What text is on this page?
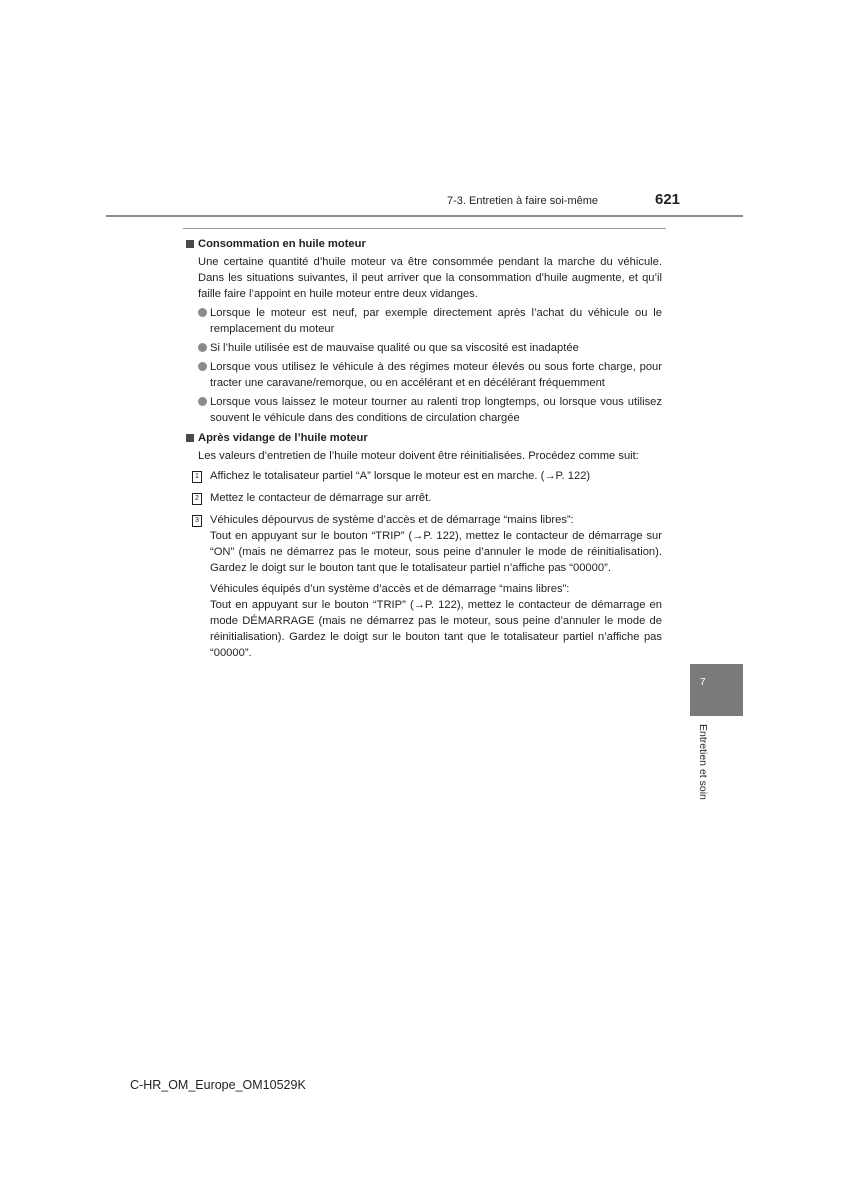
7-3. Entretien à faire soi-même	621
Consommation en huile moteur

Une certaine quantité d’huile moteur va être consommée pendant la marche du véhicule. Dans les situations suivantes, il peut arriver que la consommation d’huile augmente, et qu’il faille faire l’appoint en huile moteur entre deux vidanges.

Lorsque le moteur est neuf, par exemple directement après l’achat du véhicule ou le remplacement du moteur
Si l’huile utilisée est de mauvaise qualité ou que sa viscosité est inadaptée
Lorsque vous utilisez le véhicule à des régimes moteur élevés ou sous forte charge, pour tracter une caravane/remorque, ou en accélérant et en décélérant fréquemment
Lorsque vous laissez le moteur tourner au ralenti trop longtemps, ou lorsque vous utilisez souvent le véhicule dans des conditions de circulation chargée
Après vidange de l’huile moteur

Les valeurs d’entretien de l’huile moteur doivent être réinitialisées. Procédez comme suit:

1 Affichez le totalisateur partiel “A” lorsque le moteur est en marche. (→P. 122)
2 Mettez le contacteur de démarrage sur arrêt.
3 Véhicules dépourvus de système d’accès et de démarrage “mains libres”:

Tout en appuyant sur le bouton “TRIP” (→P. 122), mettez le contacteur de démarrage sur “ON” (mais ne démarrez pas le moteur, sous peine d’annuler le mode de réinitialisation). Gardez le doigt sur le bouton tant que le totalisateur partiel n’affiche pas “00000”.

Véhicules équipés d’un système d’accès et de démarrage “mains libres”:

Tout en appuyant sur le bouton “TRIP” (→P. 122), mettez le contacteur de démarrage en mode DÉMARRAGE (mais ne démarrez pas le moteur, sous peine d’annuler le mode de réinitialisation). Gardez le doigt sur le bouton tant que le totalisateur partiel n’affiche pas “00000”.

7
Entretien et soin
C-HR_OM_Europe_OM10529K
